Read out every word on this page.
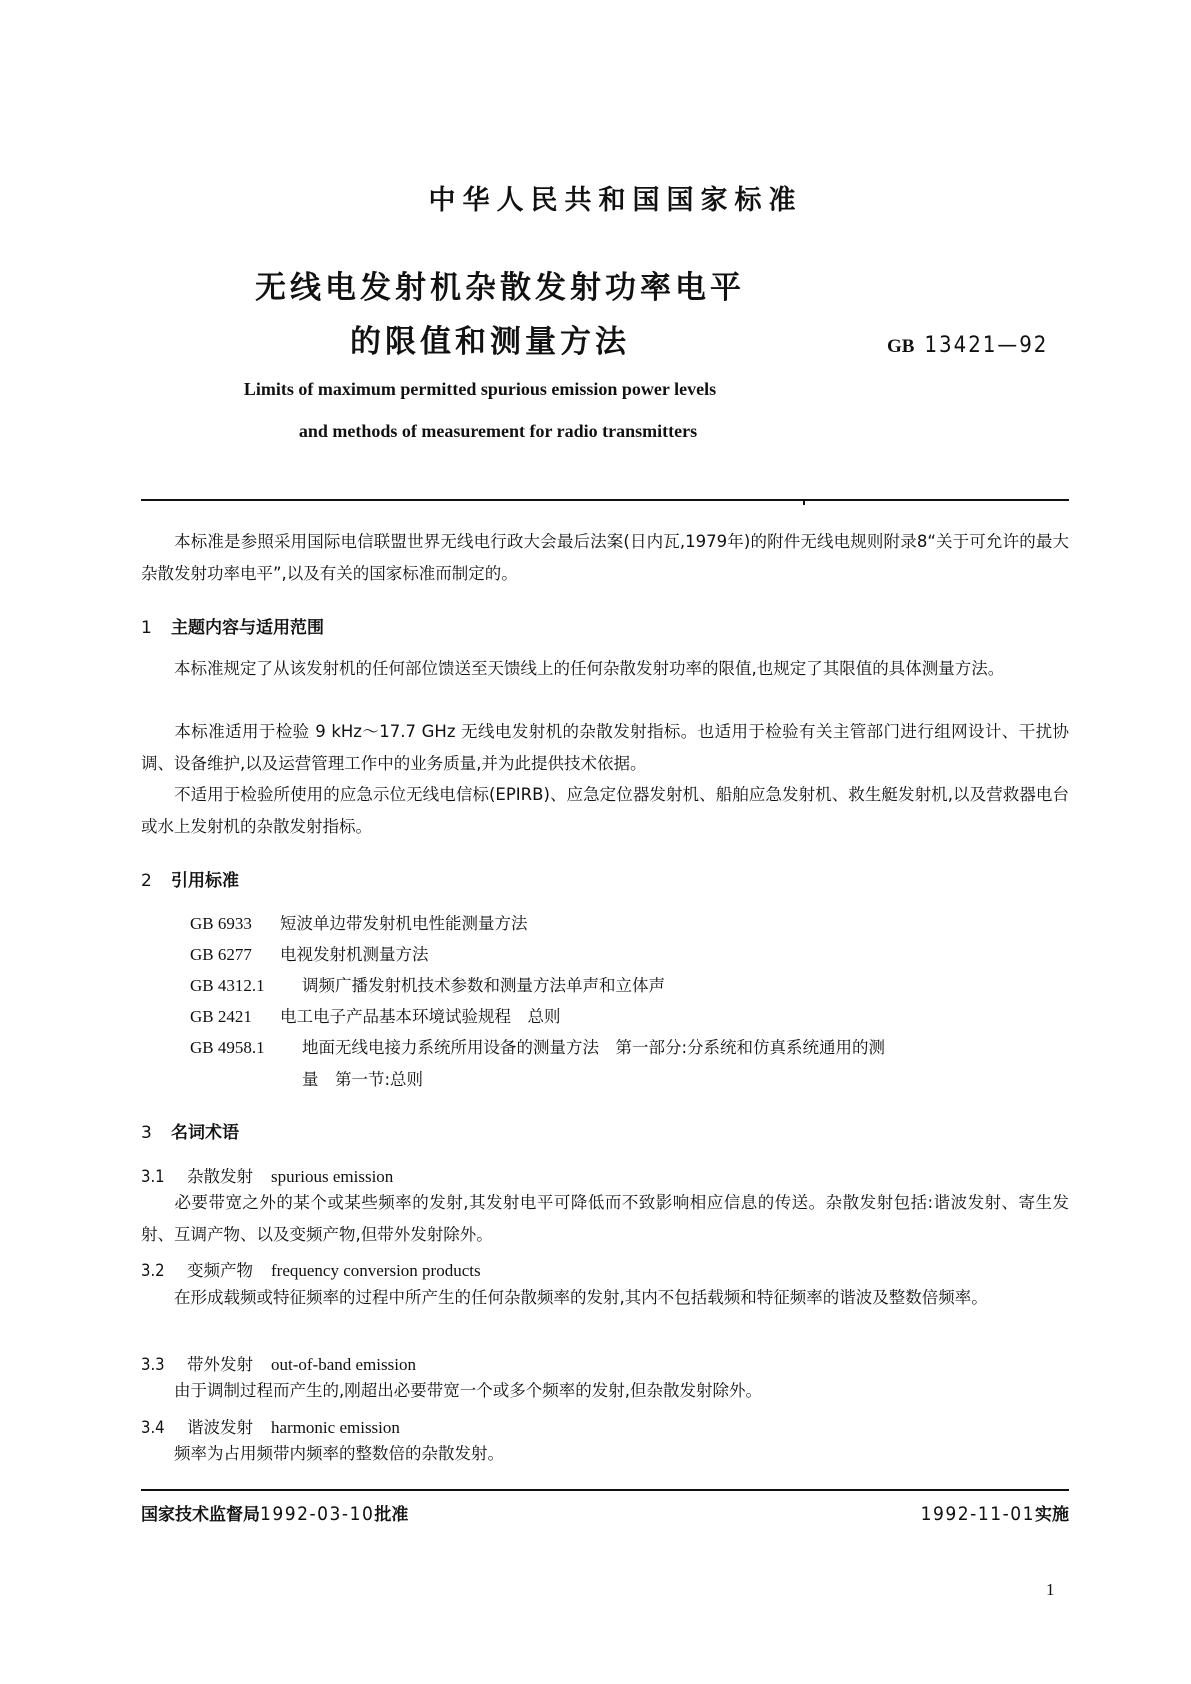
中华人民共和国国家标准
无线电发射机杂散发射功率电平
的限值和测量方法	GB 13421—92
Limits of maximum permitted spurious emission power levels
and methods of measurement for radio transmitters
本标准是参照采用国际电信联盟世界无线电行政大会最后法案(日内瓦,1979年)的附件无线电规则附录8“关于可允许的最大杂散发射功率电平”,以及有关的国家标准而制定的。
1 主题内容与适用范围
本标准规定了从该发射机的任何部位馈送至天馈线上的任何杂散发射功率的限值,也规定了其限值的具体测量方法。
本标准适用于检验 9 kHz～17.7 GHz 无线电发射机的杂散发射指标。也适用于检验有关主管部门进行组网设计、干扰协调、设备维护,以及运营管理工作中的业务质量,并为此提供技术依据。
不适用于检验所使用的应急示位无线电信标(EPIRB)、应急定位器发射机、船舶应急发射机、救生艇发射机,以及营救器电台或水上发射机的杂散发射指标。
2 引用标准
GB 6933 短波单边带发射机电性能测量方法
GB 6277 电视发射机测量方法
GB 4312.1 调频广播发射机技术参数和测量方法单声和立体声
GB 2421 电工电子产品基本环境试验规程　总则
GB 4958.1 地面无线电接力系统所用设备的测量方法　第一部分:分系统和仿真系统通用的测
量　第一节:总则
3 名词术语
3.1 杂散发射 spurious emission
必要带宽之外的某个或某些频率的发射,其发射电平可降低而不致影响相应信息的传送。杂散发射包括:谐波发射、寄生发射、互调产物、以及变频产物,但带外发射除外。
3.2 变频产物 frequency conversion products
在形成载频或特征频率的过程中所产生的任何杂散频率的发射,其内不包括载频和特征频率的谐波及整数倍频率。
3.3 带外发射 out-of-band emission
由于调制过程而产生的,刚超出必要带宽一个或多个频率的发射,但杂散发射除外。
3.4 谐波发射 harmonic emission
频率为占用频带内频率的整数倍的杂散发射。
国家技术监督局1992-03-10批准	1992-11-01实施
1
